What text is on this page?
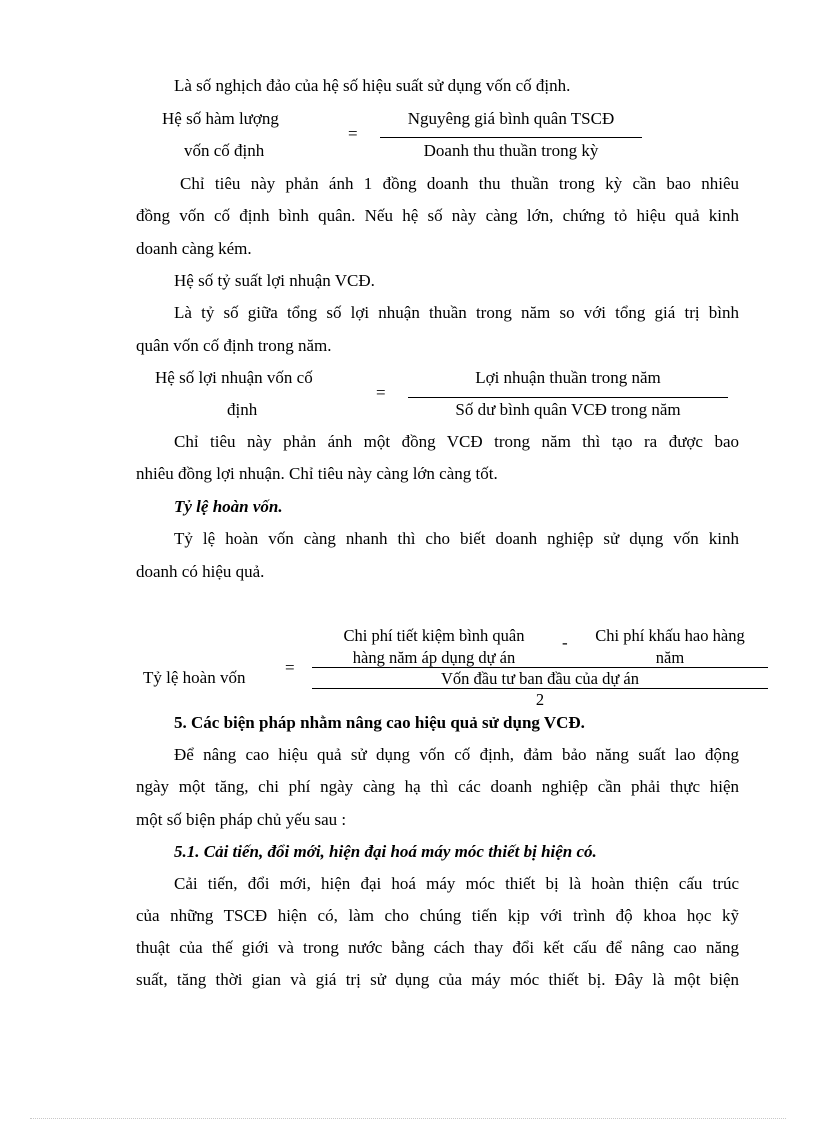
Là số nghịch đảo của hệ số hiệu suất sử dụng vốn cố định.
Hệ số hàm lượng
vốn cố định
=
Nguyêng giá bình quân TSCĐ
Doanh thu thuần trong kỳ
Chỉ tiêu này phản ánh 1 đồng doanh thu thuần trong kỳ cần bao nhiêu
đồng vốn cố định bình quân. Nếu hệ số này càng lớn, chứng tỏ hiệu quả kinh
doanh càng kém.
Hệ số tỷ suất lợi nhuận VCĐ.
Là tỷ số giữa tổng số lợi nhuận thuần trong năm so với tổng giá trị bình
quân vốn cố định trong năm.
Hệ số lợi nhuận vốn cố
định
=
Lợi nhuận thuần trong năm
Số dư bình quân VCĐ trong năm
Chỉ tiêu này phản ánh một đồng VCĐ trong năm thì tạo ra được bao
nhiêu đồng lợi nhuận. Chỉ tiêu này càng lớn càng tốt.
Tỷ lệ hoàn vốn.
Tỷ lệ hoàn vốn càng nhanh thì cho biết doanh nghiệp sử dụng vốn kinh
doanh có hiệu quả.
Tỷ lệ hoàn vốn
=
Chi phí tiết kiệm bình quân
hàng năm áp dụng dự án
-	Chi phí khấu hao hàng
năm
Vốn đầu tư ban đầu của dự án
2
5. Các biện pháp nhằm nâng cao hiệu quả sử dụng VCĐ.
Để nâng cao hiệu quả sử dụng vốn cố định, đảm bảo năng suất lao động
ngày một tăng, chi phí ngày càng hạ thì các doanh nghiệp cần phải thực hiện
một số biện pháp chủ yếu sau :
5.1. Cải tiến, đổi mới, hiện đại hoá máy móc thiết bị hiện có.
Cải tiến, đổi mới, hiện đại hoá máy móc thiết bị là hoàn thiện cấu trúc
của những TSCĐ hiện có, làm cho chúng tiến kịp với trình độ khoa học kỹ
thuật của thế giới và trong nước bằng cách thay đổi kết cấu để nâng cao năng
suất, tăng thời gian và giá trị sử dụng của máy móc thiết bị. Đây là một biện
